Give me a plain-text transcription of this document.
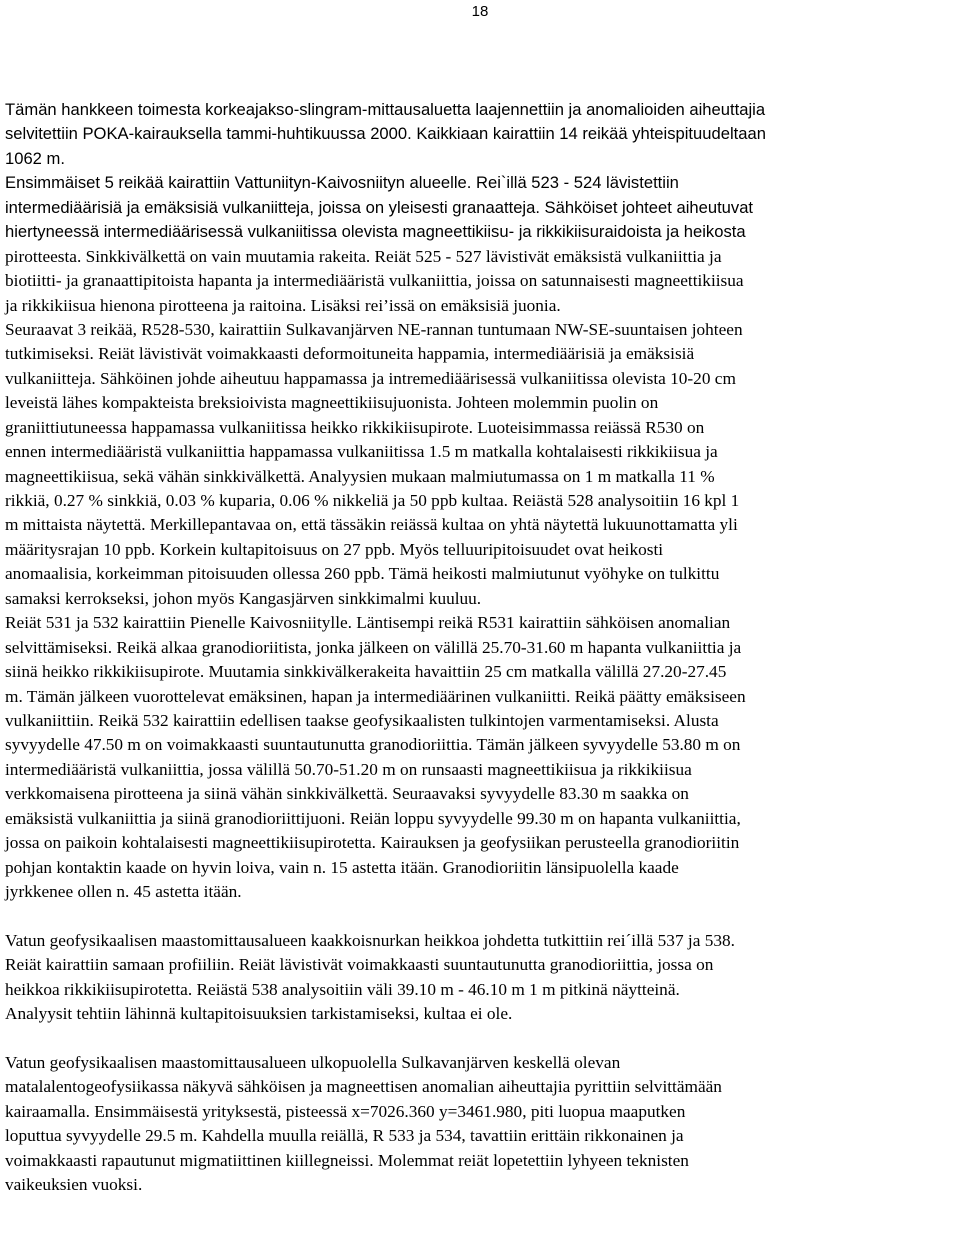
18
Tämän hankkeen toimesta korkeajakso-slingram-mittausaluetta laajennettiin ja anomalioiden aiheuttajia
selvitettiin POKA-kairauksella tammi-huhtikuussa 2000. Kaikkiaan kairattiin 14 reikää yhteispituudeltaan
1062 m.
Ensimmäiset 5 reikää kairattiin Vattuniityn-Kaivosniityn alueelle. Rei`illä 523 - 524 lävistettiin
intermediäärisiä ja emäksisiä vulkaniitteja, joissa on yleisesti granaatteja. Sähköiset johteet aiheutuvat
hiertyneessä intermediäärisessä vulkaniitissa olevista magneettikiisu- ja rikkikiisuraidoista ja heikosta
pirotteesta. Sinkkivälkettä on vain muutamia rakeita. Reiät 525 - 527 lävistivät emäksistä vulkaniittia ja
biotiitti- ja granaattipitoista hapanta ja intermediääristä vulkaniittia, joissa on satunnaisesti magneettikiisua
ja rikkikiisua hienona pirotteena ja raitoina. Lisäksi rei’issä on emäksisiä juonia.
Seuraavat 3 reikää, R528-530, kairattiin Sulkavanjärven NE-rannan tuntumaan NW-SE-suuntaisen johteen
tutkimiseksi. Reiät lävistivät voimakkaasti deformoituneita happamia, intermediäärisiä ja emäksisiä
vulkaniitteja. Sähköinen johde aiheutuu happamassa ja intremediäärisessä vulkaniitissa olevista 10-20 cm
leveistä lähes kompakteista breksioivista magneettikiisujuonista. Johteen molemmin puolin on
graniittiutuneessa happamassa vulkaniitissa heikko rikkikiisupirote. Luoteisimmassa reiässä R530 on
ennen intermediääristä vulkaniittia happamassa vulkaniitissa 1.5 m matkalla kohtalaisesti rikkikiisua ja
magneettikiisua, sekä vähän sinkkivälkettä. Analyysien mukaan malmiutumassa on 1 m matkalla 11 %
rikkiä, 0.27 % sinkkiä, 0.03 % kuparia, 0.06 % nikkeliä ja 50 ppb kultaa. Reiästä 528 analysoitiin 16 kpl 1
m mittaista näytettä. Merkillepantavaa on, että tässäkin reiässä kultaa on yhtä näytettä lukuunottamatta yli
määritysrajan 10 ppb. Korkein kultapitoisuus on 27 ppb. Myös telluuripitoisuudet ovat heikosti
anomaalisia, korkeimman pitoisuuden ollessa 260 ppb. Tämä heikosti malmiutunut vyöhyke on tulkittu
samaksi kerrokseksi, johon myös Kangasjärven sinkkimalmi kuuluu.
Reiät 531 ja 532 kairattiin Pienelle Kaivosniitylle. Läntisempi reikä R531 kairattiin sähköisen anomalian
selvittämiseksi. Reikä alkaa granodioriitista, jonka jälkeen on välillä 25.70-31.60 m hapanta vulkaniittia ja
siinä heikko rikkikiisupirote. Muutamia sinkkivälkerakeita havaittiin 25 cm matkalla välillä 27.20-27.45
m. Tämän jälkeen vuorottelevat emäksinen, hapan ja intermediäärinen vulkaniitti. Reikä päätty emäksiseen
vulkaniittiin. Reikä 532 kairattiin edellisen taakse geofysikaalisten tulkintojen varmentamiseksi. Alusta
syvyydelle 47.50 m on voimakkaasti suuntautunutta granodioriittia. Tämän jälkeen syvyydelle 53.80 m on
intermediääristä vulkaniittia, jossa välillä 50.70-51.20 m on runsaasti magneettikiisua ja rikkikiisua
verkkomaisena pirotteena ja siinä vähän sinkkivälkettä. Seuraavaksi syvyydelle 83.30 m saakka on
emäksistä vulkaniittia ja siinä granodioriittijuoni. Reiän loppu syvyydelle 99.30 m on hapanta vulkaniittia,
jossa on paikoin kohtalaisesti magneettikiisupirotetta. Kairauksen ja geofysiikan perusteella granodioriitin
pohjan kontaktin kaade on hyvin loiva, vain n. 15 astetta itään. Granodioriitin länsipuolella kaade
jyrkkenee ollen n. 45 astetta itään.
Vatun geofysikaalisen maastomittausalueen kaakkoisnurkan heikkoa johdetta tutkittiin rei´illä 537 ja 538.
Reiät kairattiin samaan profiiliin. Reiät lävistivät voimakkaasti suuntautunutta granodioriittia, jossa on
heikkoa rikkikiisupirotetta. Reiästä 538 analysoitiin väli 39.10 m - 46.10 m 1 m pitkinä näytteinä.
Analyysit tehtiin lähinnä kultapitoisuuksien tarkistamiseksi, kultaa ei ole.
Vatun geofysikaalisen maastomittausalueen ulkopuolella Sulkavanjärven keskellä olevan
matalalentogeofysiikassa näkyvä sähköisen ja magneettisen anomalian aiheuttajia pyrittiin selvittämään
kairaamalla. Ensimmäisestä yrityksestä, pisteessä x=7026.360 y=3461.980, piti luopua maaputken
loputtua syvyydelle 29.5 m. Kahdella muulla reiällä, R 533 ja 534, tavattiin erittäin rikkonainen ja
voimakkaasti rapautunut migmatiittinen kiillegneissi. Molemmat reiät lopetettiin lyhyeen teknisten
vaikeuksien vuoksi.
